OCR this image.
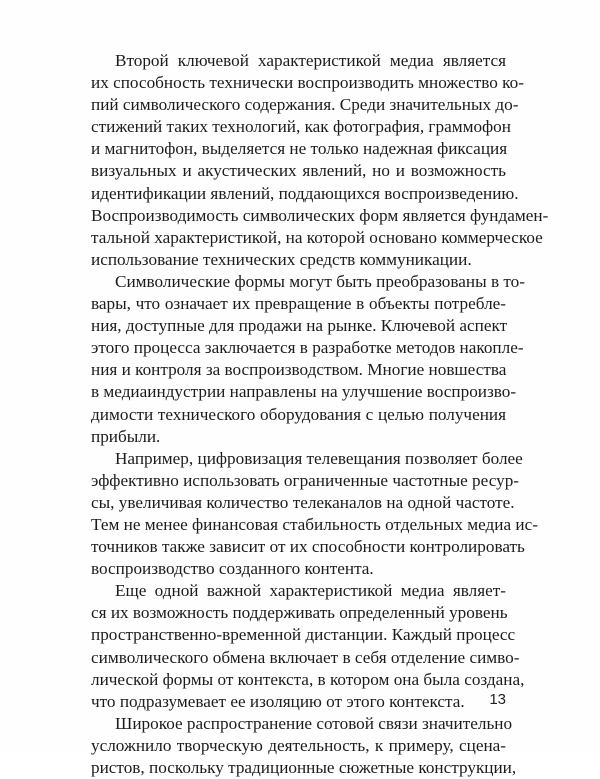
Второй ключевой характеристикой медиа является
их способность технически воспроизводить множество ко-
пий символического содержания. Среди значительных до-
стижений таких технологий, как фотография, граммофон
и магнитофон, выделяется не только надежная фиксация
визуальных и акустических явлений, но и возможность
идентификации явлений, поддающихся воспроизведению.
Воспроизводимость символических форм является фундамен-
тальной характеристикой, на которой основано коммерческое
использование технических средств коммуникации.
Символические формы могут быть преобразованы в то-
вары, что означает их превращение в объекты потребле-
ния, доступные для продажи на рынке. Ключевой аспект
этого процесса заключается в разработке методов накопле-
ния и контроля за воспроизводством. Многие новшества
в медиаиндустрии направлены на улучшение воспроизво-
димости технического оборудования с целью получения
прибыли.
Например, цифровизация телевещания позволяет более
эффективно использовать ограниченные частотные ресур-
сы, увеличивая количество телеканалов на одной частоте.
Тем не менее финансовая стабильность отдельных медиа ис-
точников также зависит от их способности контролировать
воспроизводство созданного контента.
Еще одной важной характеристикой медиа являет-
ся их возможность поддерживать определенный уровень
пространственно-временной дистанции. Каждый процесс
символического обмена включает в себя отделение симво-
лической формы от контекста, в котором она была создана,
что подразумевает ее изоляцию от этого контекста.
Широкое распространение сотовой связи значительно
усложнило творческую деятельность, к примеру, сцена-
ристов, поскольку традиционные сюжетные конструкции,
13
